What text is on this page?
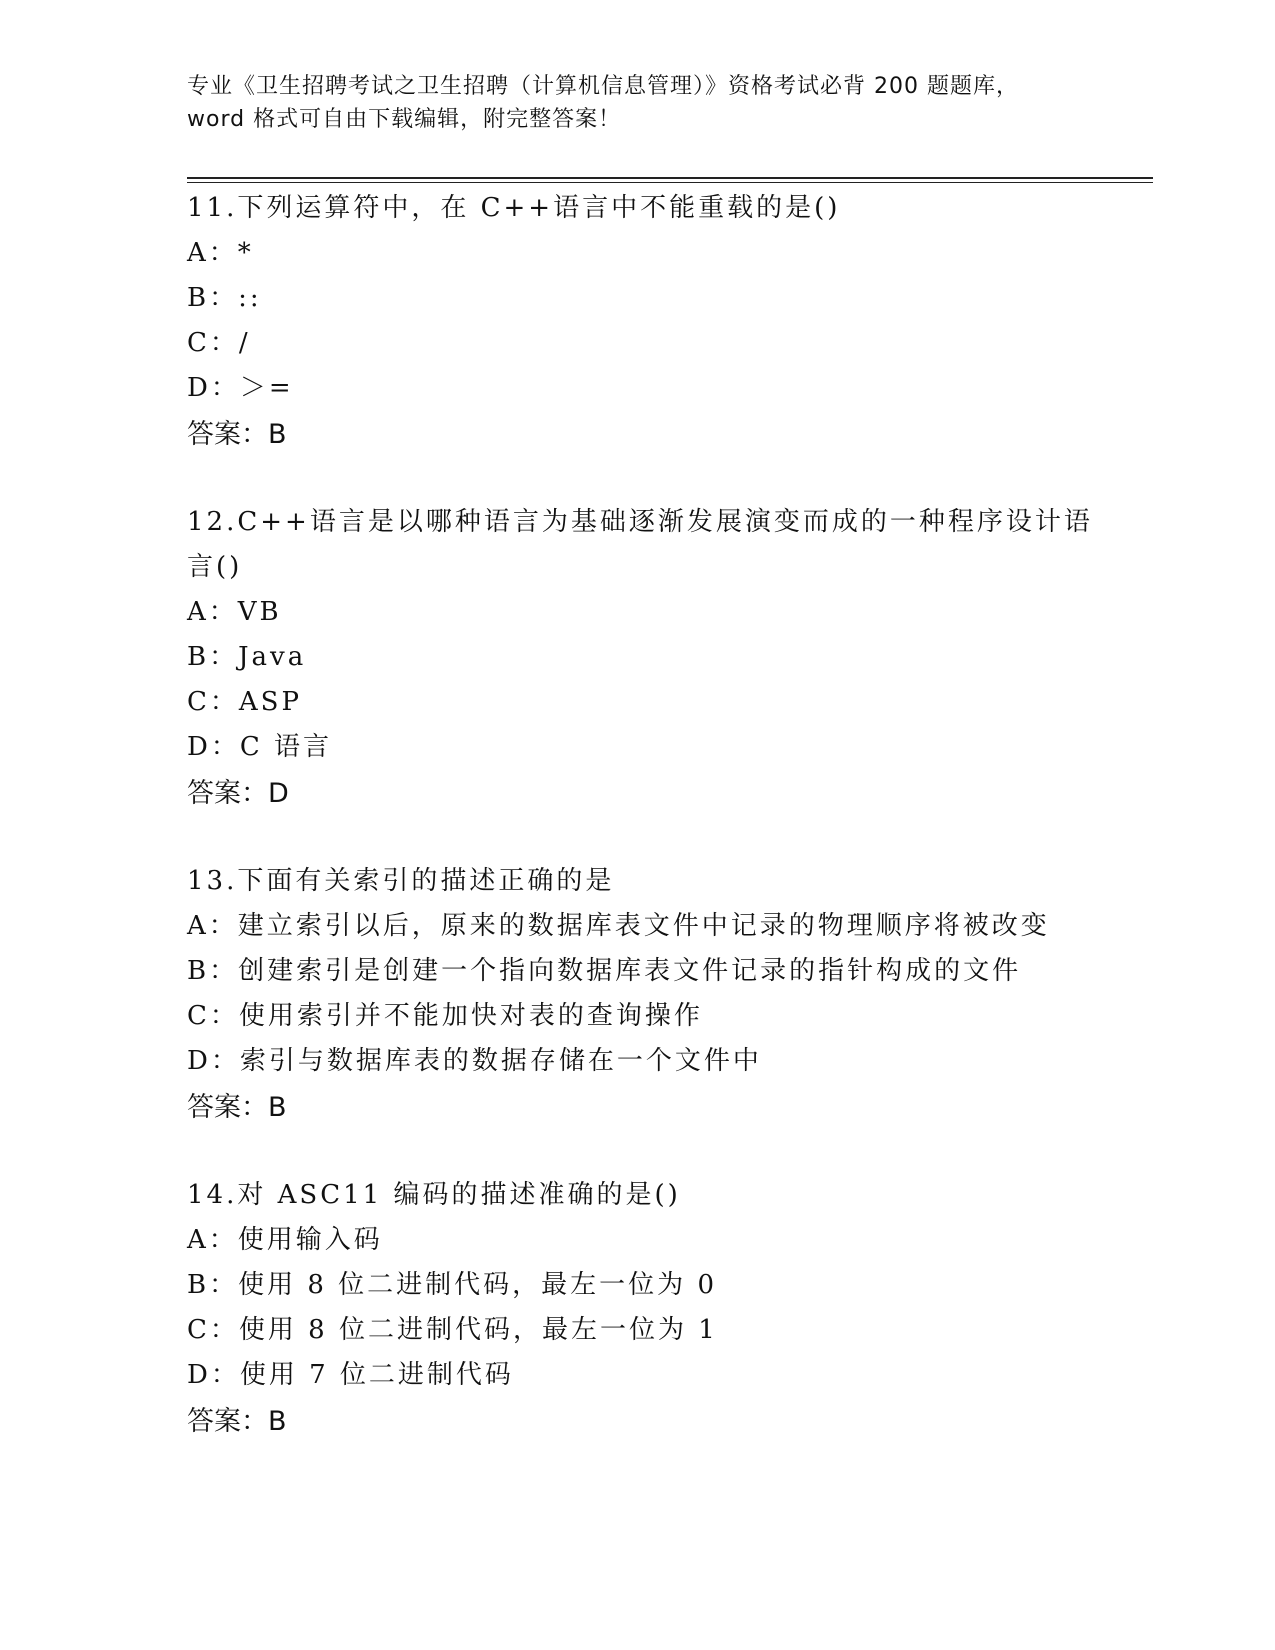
专业《卫生招聘考试之卫生招聘（计算机信息管理）》资格考试必背 200 题题库，
word 格式可自由下载编辑，附完整答案！
11.下列运算符中，在 C++语言中不能重载的是()
A：*
B：::
C：/
D：＞=
答案：B
12.C++语言是以哪种语言为基础逐渐发展演变而成的一种程序设计语
言()
A：VB
B：Java
C：ASP
D：C 语言
答案：D
13.下面有关索引的描述正确的是
A：建立索引以后，原来的数据库表文件中记录的物理顺序将被改变
B：创建索引是创建一个指向数据库表文件记录的指针构成的文件
C：使用索引并不能加快对表的查询操作
D：索引与数据库表的数据存储在一个文件中
答案：B
14.对 ASC11 编码的描述准确的是()
A：使用输入码
B：使用 8 位二进制代码，最左一位为 0
C：使用 8 位二进制代码，最左一位为 1
D：使用 7 位二进制代码
答案：B
